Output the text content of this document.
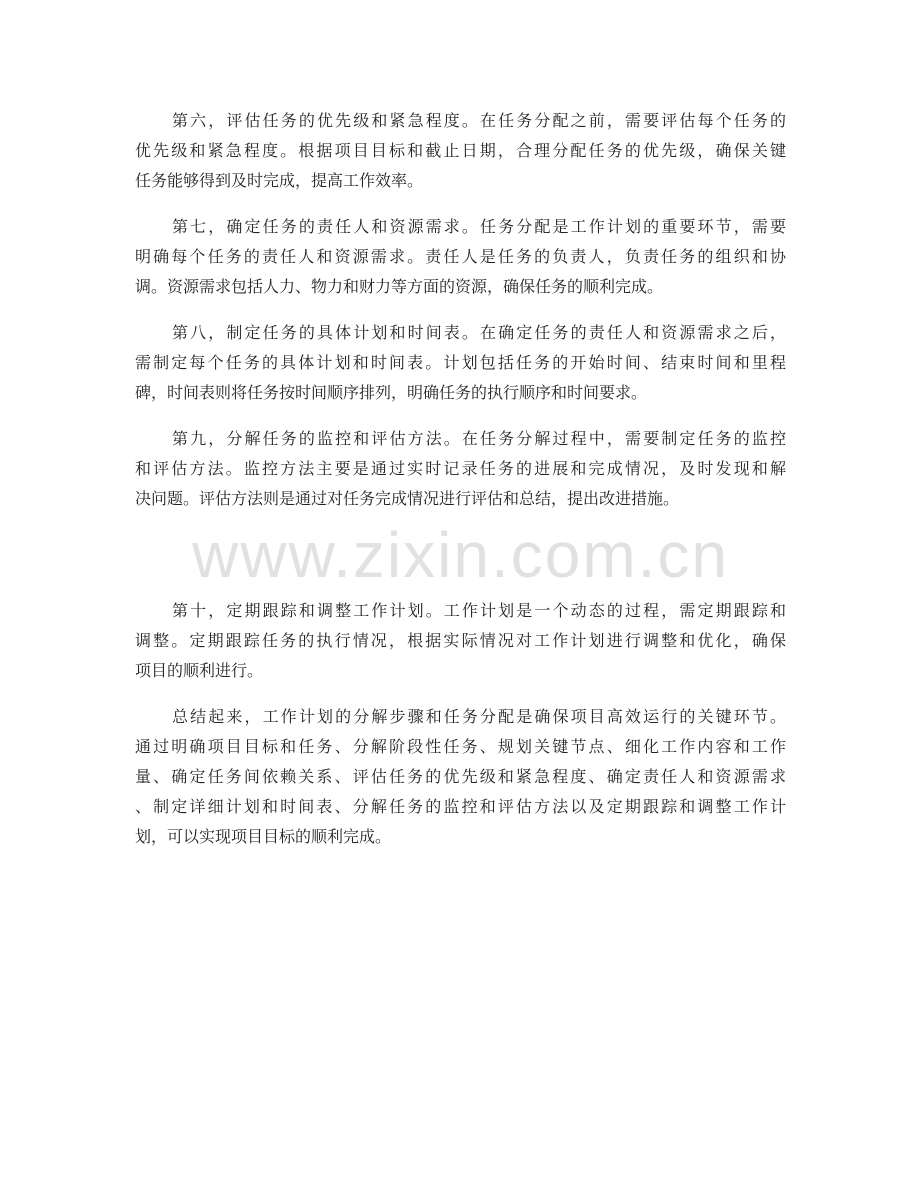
第六，评估任务的优先级和紧急程度。在任务分配之前，需要评估每个任务的
优先级和紧急程度。根据项目目标和截止日期，合理分配任务的优先级，确保关键
任务能够得到及时完成，提高工作效率。
第七，确定任务的责任人和资源需求。任务分配是工作计划的重要环节，需要
明确每个任务的责任人和资源需求。责任人是任务的负责人，负责任务的组织和协
调。资源需求包括人力、物力和财力等方面的资源，确保任务的顺利完成。
第八，制定任务的具体计划和时间表。在确定任务的责任人和资源需求之后，
需制定每个任务的具体计划和时间表。计划包括任务的开始时间、结束时间和里程
碑，时间表则将任务按时间顺序排列，明确任务的执行顺序和时间要求。
第九，分解任务的监控和评估方法。在任务分解过程中，需要制定任务的监控
和评估方法。监控方法主要是通过实时记录任务的进展和完成情况，及时发现和解
决问题。评估方法则是通过对任务完成情况进行评估和总结，提出改进措施。
www.zixin.com.cn
第十，定期跟踪和调整工作计划。工作计划是一个动态的过程，需定期跟踪和
调整。定期跟踪任务的执行情况，根据实际情况对工作计划进行调整和优化，确保
项目的顺利进行。
总结起来，工作计划的分解步骤和任务分配是确保项目高效运行的关键环节。
通过明确项目目标和任务、分解阶段性任务、规划关键节点、细化工作内容和工作
量、确定任务间依赖关系、评估任务的优先级和紧急程度、确定责任人和资源需求
、制定详细计划和时间表、分解任务的监控和评估方法以及定期跟踪和调整工作计
划，可以实现项目目标的顺利完成。
